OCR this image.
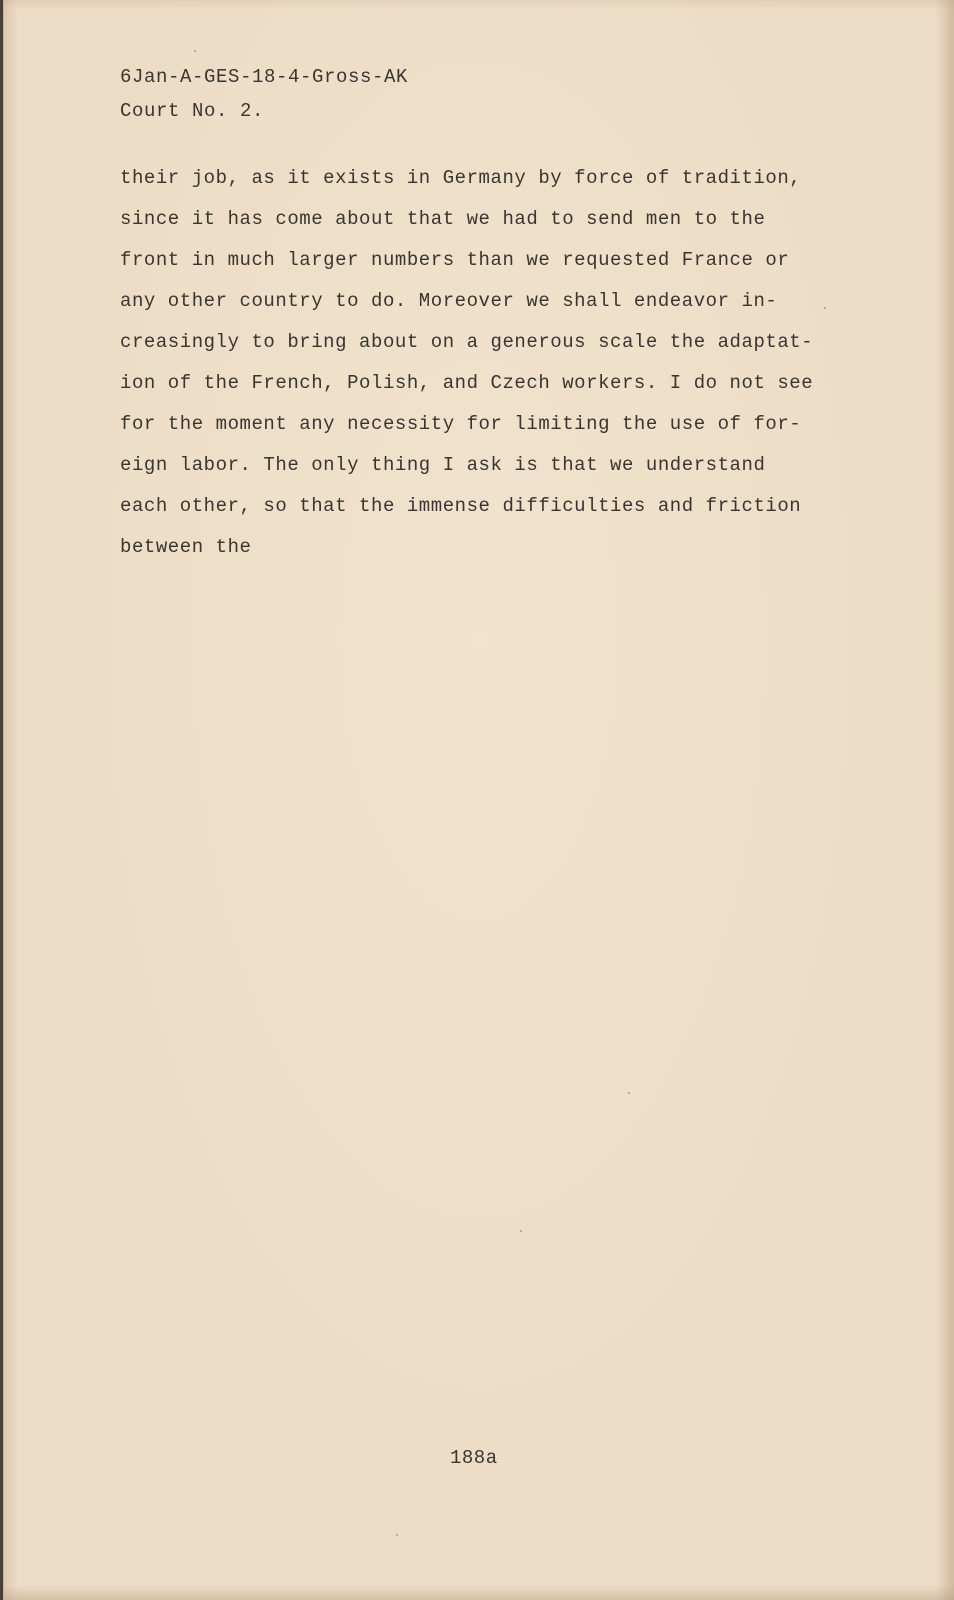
6Jan-A-GES-18-4-Gross-AK
Court No. 2.
their job, as it exists in Germany by force of tradition,
since it has come about that we had to send men to the
front in much larger numbers than we requested France or
any other country to do. Moreover we shall endeavor in-
creasingly to bring about on a generous scale the adaptat-
ion of the French, Polish, and Czech workers. I do not see
for the moment any necessity for limiting the use of for-
eign labor. The only thing I ask is that we understand
each other, so that the immense difficulties and friction
between the
188a
